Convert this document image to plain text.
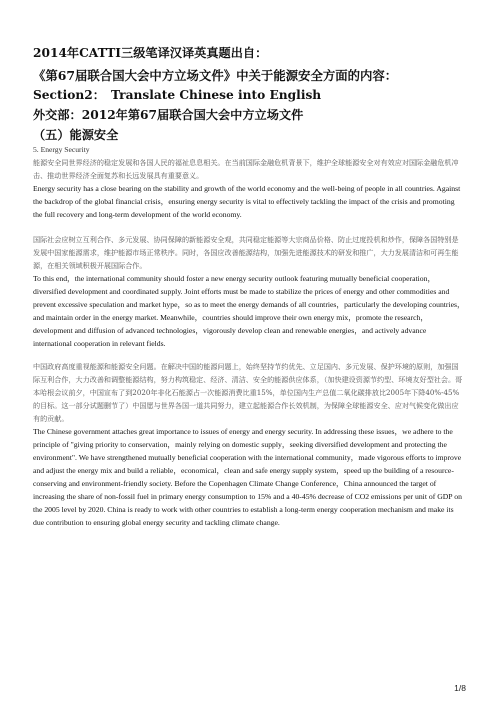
2014年CATTI三级笔译汉译英真题出自：

《第67届联合国大会中方立场文件》中关于能源安全方面的内容：

Section2：　Translate Chinese into English

外交部：2012年第67届联合国大会中方立场文件

（五）能源安全

5. Energy Security

能源安全同世界经济的稳定发展和各国人民的福祉息息相关。在当前国际金融危机背景下，维护全球能源安全对有效应对国际金融危机冲击、推动世界经济全面复苏和长远发展具有重要意义。

Energy security has a close bearing on the stability and growth of the world economy and the well-being of people in all countries. Against the backdrop of the global financial crisis，ensuring energy security is vital to effectively tackling the impact of the crisis and promoting the full recovery and long-term development of the world economy.

国际社会应树立互利合作、多元发展、协同保障的新能源安全观，共同稳定能源等大宗商品价格、防止过度投机和炒作，保障各国特别是发展中国家能源需求，维护能源市场正常秩序。同时，各国应改善能源结构，加强先进能源技术的研发和推广，大力发展清洁和可再生能源，在相关领域积极开展国际合作。

To this end，the international community should foster a new energy security outlook featuring mutually beneficial cooperation，diversified development and coordinated supply. Joint efforts must be made to stabilize the prices of energy and other commodities and prevent excessive speculation and market hype，so as to meet the energy demands of all countries，particularly the developing countries，and maintain order in the energy market. Meanwhile，countries should improve their own energy mix，promote the research，development and diffusion of advanced technologies，vigorously develop clean and renewable energies，and actively advance international cooperation in relevant fields.

中国政府高度重视能源和能源安全问题。在解决中国的能源问题上，始终坚持节约优先、立足国内、多元发展、保护环境的原则，加强国际互利合作，大力改善和调整能源结构，努力构筑稳定、经济、清洁、安全的能源供应体系，（加快建设资源节约型、环境友好型社会。哥本哈根会议前夕，中国宣布了到2020年非化石能源占一次能源消费比重15%，单位国内生产总值二氧化碳排放比2005年下降40%-45%的目标。这一部分试题删节了）中国愿与世界各国一道共同努力，建立起能源合作长效机制，为保障全球能源安全、应对气候变化做出应有的贡献。

The Chinese government attaches great importance to issues of energy and energy security. In addressing these issues，we adhere to the principle of "giving priority to conservation，mainly relying on domestic supply，seeking diversified development and protecting the environment". We have strengthened mutually beneficial cooperation with the international community，made vigorous efforts to improve and adjust the energy mix and build a reliable，economical，clean and safe energy supply system，speed up the building of a resource-conserving and environment-friendly society. Before the Copenhagen Climate Change Conference，China announced the target of increasing the share of non-fossil fuel in primary energy consumption to 15% and a 40-45% decrease of CO2 emissions per unit of GDP on the 2005 level by 2020. China is ready to work with other countries to establish a long-term energy cooperation mechanism and make its due contribution to ensuring global energy security and tackling climate change.

1/8
